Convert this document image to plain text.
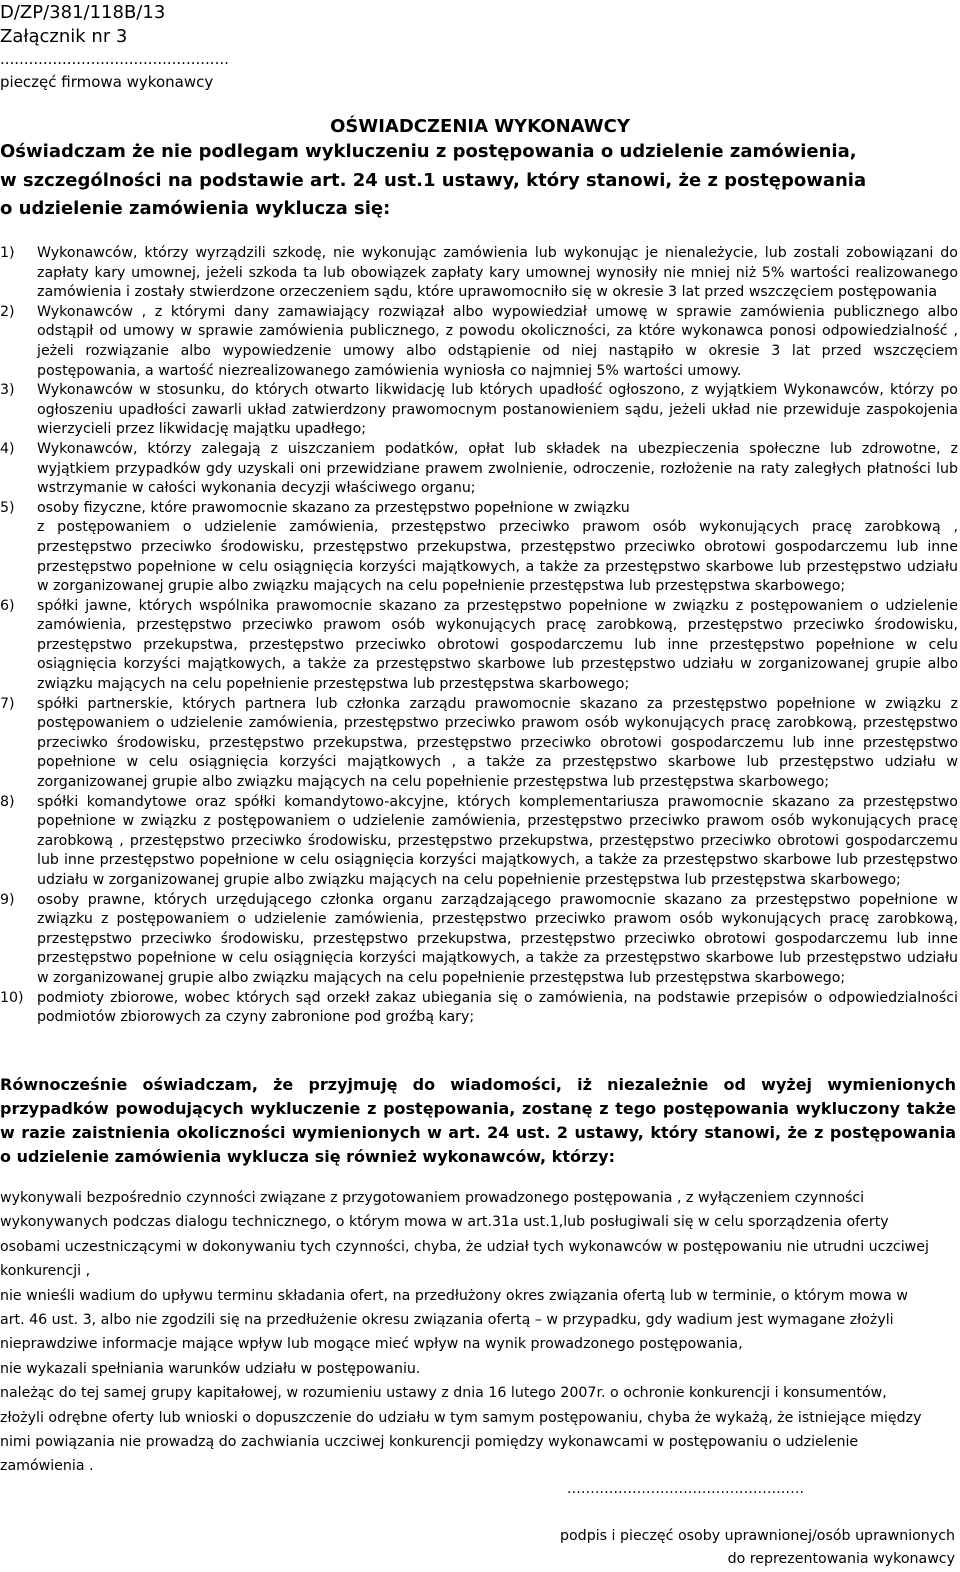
D/ZP/381/118B/13
Załącznik nr 3
................................................
pieczęć firmowa wykonawcy
OŚWIADCZENIA WYKONAWCY
Oświadczam że nie podlegam wykluczeniu z postępowania o udzielenie zamówienia,
w szczególności na podstawie art. 24 ust.1 ustawy, który stanowi, że z postępowania
o udzielenie zamówienia wyklucza się:
1) Wykonawców, którzy wyrządzili szkodę, nie wykonując zamówienia lub wykonując je nienależycie, lub zostali zobowiązani do zapłaty kary umownej, jeżeli szkoda ta lub obowiązek zapłaty kary umownej wynosiły nie mniej niż 5% wartości realizowanego zamówienia i zostały stwierdzone orzeczeniem sądu, które uprawomocniło się w okresie 3 lat przed wszczęciem postępowania
2) Wykonawców , z którymi dany zamawiający rozwiązał albo wypowiedział umowę w sprawie zamówienia publicznego albo odstąpił od umowy w sprawie zamówienia publicznego, z powodu okoliczności, za które wykonawca ponosi odpowiedzialność , jeżeli rozwiązanie albo wypowiedzenie umowy albo odstąpienie od niej nastąpiło w okresie 3 lat przed wszczęciem postępowania, a wartość niezrealizowanego zamówienia wyniosła co najmniej 5% wartości umowy.
3) Wykonawców w stosunku, do których otwarto likwidację lub których upadłość ogłoszono, z wyjątkiem Wykonawców, którzy po ogłoszeniu upadłości zawarli układ zatwierdzony prawomocnym postanowieniem sądu, jeżeli układ nie przewiduje zaspokojenia wierzycieli przez likwidację majątku upadłego;
4) Wykonawców, którzy zalegają z uiszczaniem podatków, opłat lub składek na ubezpieczenia społeczne lub zdrowotne, z wyjątkiem przypadków gdy uzyskali oni przewidziane prawem zwolnienie, odroczenie, rozłożenie na raty zaległych płatności lub wstrzymanie w całości wykonania decyzji właściwego organu;
5) osoby fizyczne, które prawomocnie skazano za przestępstwo popełnione w związku
z postępowaniem o udzielenie zamówienia, przestępstwo przeciwko prawom osób wykonujących pracę zarobkową , przestępstwo przeciwko środowisku, przestępstwo przekupstwa, przestępstwo przeciwko obrotowi gospodarczemu lub inne przestępstwo popełnione w celu osiągnięcia korzyści majątkowych, a także za przestępstwo skarbowe lub przestępstwo udziału w zorganizowanej grupie albo związku mających na celu popełnienie przestępstwa lub przestępstwa skarbowego;
6) spółki jawne, których wspólnika prawomocnie skazano za przestępstwo popełnione w związku z postępowaniem o udzielenie zamówienia, przestępstwo przeciwko prawom osób wykonujących pracę zarobkową, przestępstwo przeciwko środowisku, przestępstwo przekupstwa, przestępstwo przeciwko obrotowi gospodarczemu lub inne przestępstwo popełnione w celu osiągnięcia korzyści majątkowych, a także za przestępstwo skarbowe lub przestępstwo udziału w zorganizowanej grupie albo związku mających na celu popełnienie przestępstwa lub przestępstwa skarbowego;
7) spółki partnerskie, których partnera lub członka zarządu prawomocnie skazano za przestępstwo popełnione w związku z postępowaniem o udzielenie zamówienia, przestępstwo przeciwko prawom osób wykonujących pracę zarobkową, przestępstwo przeciwko środowisku, przestępstwo przekupstwa, przestępstwo przeciwko obrotowi gospodarczemu lub inne przestępstwo popełnione w celu osiągnięcia korzyści majątkowych , a także za przestępstwo skarbowe lub przestępstwo udziału w zorganizowanej grupie albo związku mających na celu popełnienie przestępstwa lub przestępstwa skarbowego;
8) spółki komandytowe oraz spółki komandytowo-akcyjne, których komplementariusza prawomocnie skazano za przestępstwo popełnione w związku z postępowaniem o udzielenie zamówienia, przestępstwo przeciwko prawom osób wykonujących pracę zarobkową , przestępstwo przeciwko środowisku, przestępstwo przekupstwa, przestępstwo przeciwko obrotowi gospodarczemu lub inne przestępstwo popełnione w celu osiągnięcia korzyści majątkowych, a także za przestępstwo skarbowe lub przestępstwo udziału w zorganizowanej grupie albo związku mających na celu popełnienie przestępstwa lub przestępstwa skarbowego;
9) osoby prawne, których urzędującego członka organu zarządzającego prawomocnie skazano za przestępstwo popełnione w związku z postępowaniem o udzielenie zamówienia, przestępstwo przeciwko prawom osób wykonujących pracę zarobkową, przestępstwo przeciwko środowisku, przestępstwo przekupstwa, przestępstwo przeciwko obrotowi gospodarczemu lub inne przestępstwo popełnione w celu osiągnięcia korzyści majątkowych, a także za przestępstwo skarbowe lub przestępstwo udziału w zorganizowanej grupie albo związku mających na celu popełnienie przestępstwa lub przestępstwa skarbowego;
10) podmioty zbiorowe, wobec których sąd orzekł zakaz ubiegania się o zamówienia, na podstawie przepisów o odpowiedzialności podmiotów zbiorowych za czyny zabronione pod groźbą kary;
Równocześnie oświadczam, że przyjmuję do wiadomości, iż niezależnie od wyżej wymienionych przypadków powodujących wykluczenie z postępowania, zostanę z tego postępowania wykluczony także w razie zaistnienia okoliczności wymienionych w art. 24 ust. 2 ustawy, który stanowi, że z postępowania o udzielenie zamówienia wyklucza się również wykonawców, którzy:

wykonywali bezpośrednio czynności związane z przygotowaniem prowadzonego postępowania , z wyłączeniem czynności

wykonywanych podczas dialogu technicznego, o którym mowa w art.31a ust.1,lub posługiwali się w celu sporządzenia oferty

osobami uczestniczącymi w dokonywaniu tych czynności, chyba, że udział tych wykonawców w postępowaniu nie utrudni uczciwej

konkurencji ,

nie wnieśli wadium do upływu terminu składania ofert, na przedłużony okres związania ofertą lub w terminie, o którym mowa w

art. 46 ust. 3, albo nie zgodzili się na przedłużenie okresu związania ofertą – w przypadku, gdy wadium jest wymagane złożyli

nieprawdziwe informacje mające wpływ lub mogące mieć wpływ na wynik prowadzonego postępowania,

nie wykazali spełniania warunków udziału w postępowaniu.

należąc do tej samej grupy kapitałowej, w rozumieniu ustawy z dnia 16 lutego 2007r. o ochronie konkurencji i konsumentów,

złożyli odrębne oferty lub wnioski o dopuszczenie do udziału w tym samym postępowaniu, chyba że wykażą, że istniejące między

nimi powiązania nie prowadzą do zachwiania uczciwej konkurencji pomiędzy wykonawcami w postępowaniu o udzielenie

zamówienia .

...................................................
podpis i pieczęć osoby uprawnionej/osób uprawnionych
do reprezentowania wykonawcy
